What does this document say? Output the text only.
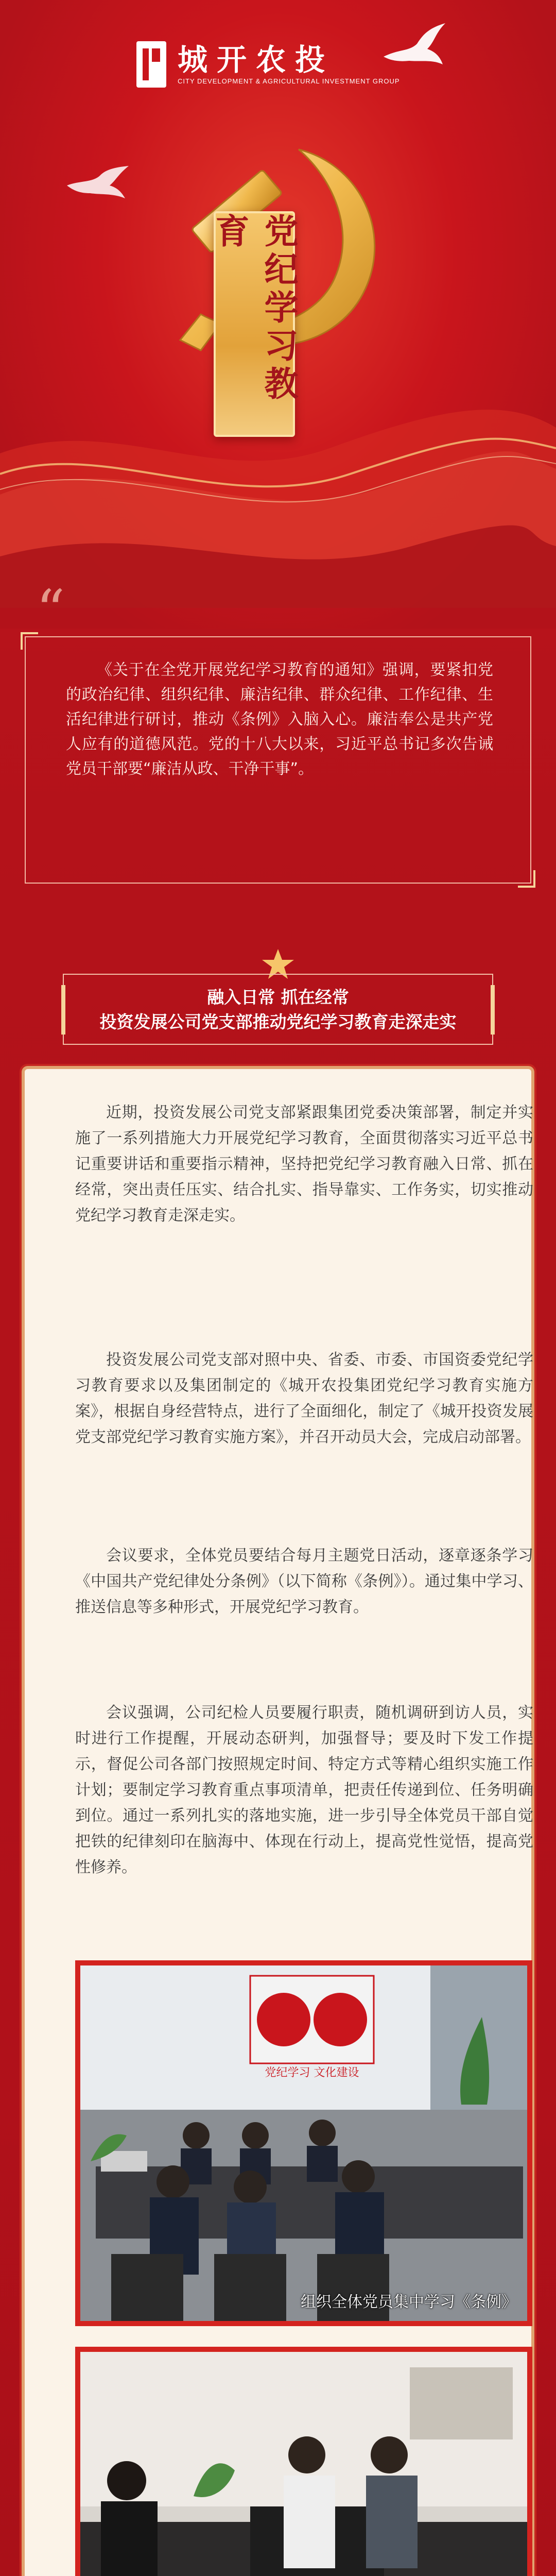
城开农投
CITY DEVELOPMENT & AGRICULTURAL INVESTMENT GROUP
党纪学习教育
“

《关于在全党开展党纪学习教育的通知》强调，要紧扣党的政治纪律、组织纪律、廉洁纪律、群众纪律、工作纪律、生活纪律进行研讨，推动《条例》入脑入心。廉洁奉公是共产党人应有的道德风范。党的十八大以来，习近平总书记多次告诫党员干部要“廉洁从政、干净干事”。

融入日常 抓在经常
投资发展公司党支部推动党纪学习教育走深走实

近期，投资发展公司党支部紧跟集团党委决策部署，制定并实施了一系列措施大力开展党纪学习教育，全面贯彻落实习近平总书记重要讲话和重要指示精神，坚持把党纪学习教育融入日常、抓在经常，突出责任压实、结合扎实、指导靠实、工作务实，切实推动党纪学习教育走深走实。

投资发展公司党支部对照中央、省委、市委、市国资委党纪学习教育要求以及集团制定的《城开农投集团党纪学习教育实施方案》，根据自身经营特点，进行了全面细化，制定了《城开投资发展党支部党纪学习教育实施方案》，并召开动员大会，完成启动部署。

会议要求，全体党员要结合每月主题党日活动，逐章逐条学习《中国共产党纪律处分条例》（以下简称《条例》）。通过集中学习、推送信息等多种形式，开展党纪学习教育。

会议强调，公司纪检人员要履行职责，随机调研到访人员，实时进行工作提醒，开展动态研判，加强督导；要及时下发工作提示，督促公司各部门按照规定时间、特定方式等精心组织实施工作计划；要制定学习教育重点事项清单，把责任传递到位、任务明确到位。通过一系列扎实的落地实施，进一步引导全体党员干部自觉把铁的纪律刻印在脑海中、体现在行动上，提高党性觉悟，提高党性修养。

党纪学习 文化建设
组织全体党员集中学习《条例》
